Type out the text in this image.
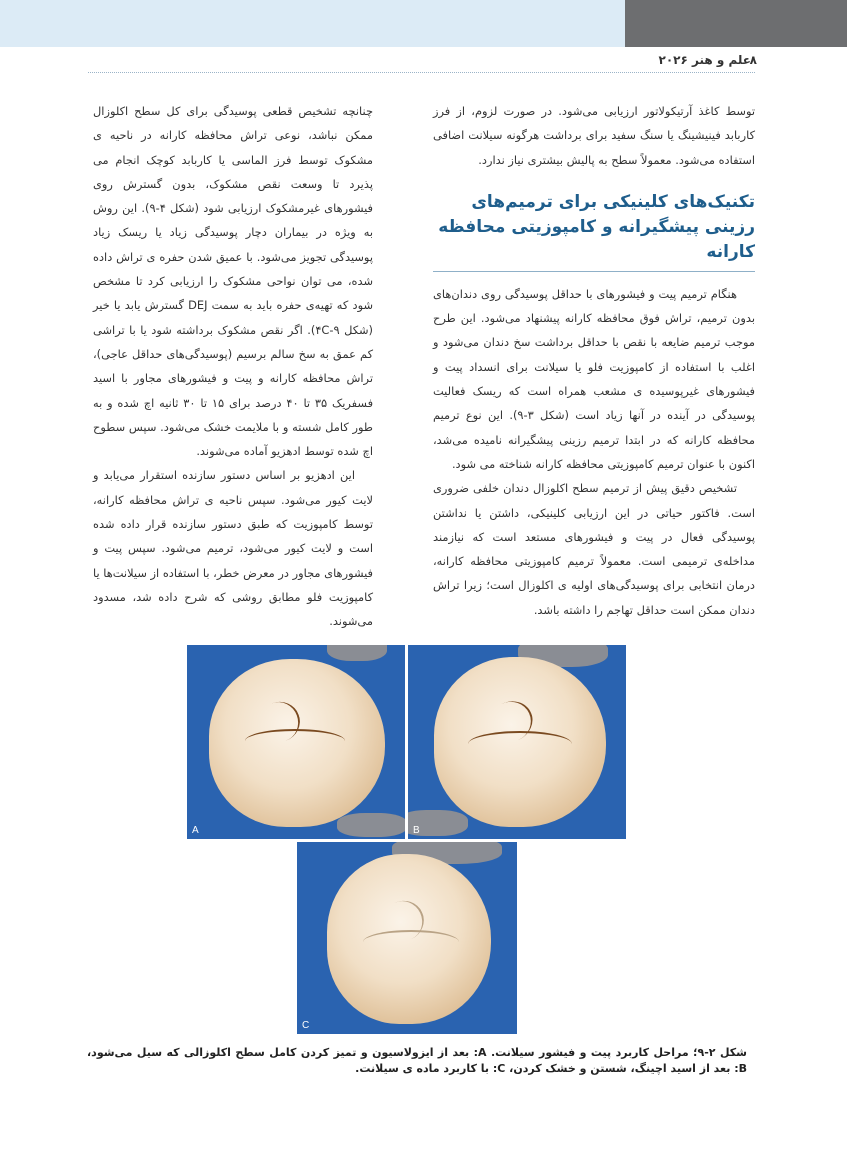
علم و هنر ۲۰۲۶
۸

توسط کاغذ آرتیکولاتور ارزیابی می‌شود. در صورت لزوم، از فرز کاربابد فینیشینگ یا سنگ سفید برای برداشت هرگونه سیلانت اضافی استفاده می‌شود. معمولاً سطح به پالیش بیشتری نیاز ندارد.

تکنیک‌های کلینیکی برای ترمیم‌های رزینی پیشگیرانه و کامپوزیتی محافظه کارانه

هنگام ترمیم پیت و فیشورهای با حداقل پوسیدگی روی دندان‌های بدون ترمیم، تراش فوق محافظه کارانه پیشنهاد می‌شود. این طرح موجب ترمیم ضایعه با نقص با حداقل برداشت سخ دندان می‌شود و اغلب با استفاده از کامپوزیت فلو یا سیلانت برای انسداد پیت و فیشورهای غیرپوسیده ی مشعب همراه است که ریسک فعالیت پوسیدگی در آینده در آنها زیاد است (شکل ۳-۹). این نوع ترمیم محافظه کارانه که در ابتدا ترمیم رزینی پیشگیرانه نامیده می‌شد، اکنون با عنوان ترمیم کامپوزیتی محافظه کارانه شناخته می شود.

تشخیص دقیق پیش از ترمیم سطح اکلوزال دندان خلفی ضروری است. فاکتور حیاتی در این ارزیابی کلینیکی، داشتن یا نداشتن پوسیدگی فعال در پیت و فیشورهای مستعد است که نیازمند مداخله‌ی ترمیمی است. معمولاً ترمیم کامپوزیتی محافظه کارانه، درمان انتخابی برای پوسیدگی‌های اولیه ی اکلوزال است؛ زیرا تراش دندان ممکن است حداقل تهاجم را داشته باشد.

چنانچه تشخیص قطعی پوسیدگی برای کل سطح اکلوزال ممکن نباشد، نوعی تراش محافظه کارانه در ناحیه ی مشکوک توسط فرز الماسی یا کاربابد کوچک انجام می پذیرد تا وسعت نقص مشکوک، بدون گسترش روی فیشورهای غیرمشکوک ارزیابی شود (شکل ۴-۹). این روش به ویژه در بیماران دچار پوسیدگی زیاد یا ریسک زیاد پوسیدگی تجویز می‌شود. با عمیق شدن حفره ی تراش داده شده، می توان نواحی مشکوک را ارزیابی کرد تا مشخص شود که تهیه‌ی حفره باید به سمت DEJ گسترش یابد یا خیر (شکل ۴C-۹). اگر نقص مشکوک برداشته شود یا با تراشی کم عمق به سخ سالم برسیم (پوسیدگی‌های حداقل عاجی)، تراش محافظه کارانه و پیت و فیشورهای مجاور با اسید فسفریک ۳۵ تا ۴۰ درصد برای ۱۵ تا ۳۰ ثانیه اچ شده و به طور کامل شسته و با ملایمت خشک می‌شود. سپس سطوح اچ شده توسط ادهزیو آماده می‌شوند.

این ادهزیو بر اساس دستور سازنده استقرار می‌یابد و لایت کیور می‌شود. سپس ناحیه ی تراش محافظه کارانه، توسط کامپوزیت که طبق دستور سازنده قرار داده شده است و لایت کیور می‌شود، ترمیم می‌شود. سپس پیت و فیشورهای مجاور در معرض خطر، با استفاده از سیلانت‌ها یا کامپوزیت فلو مطابق روشی که شرح داده شد، مسدود می‌شوند.

A	B
C
شکل ۲-۹؛ مراحل کاربرد پیت و فیشور سیلانت. A: بعد از ایزولاسیون و تمیز کردن کامل سطح اکلوزالی که سیل می‌شود، B: بعد از اسید اچینگ، شستن و خشک کردن، C: با کاربرد ماده ی سیلانت.
